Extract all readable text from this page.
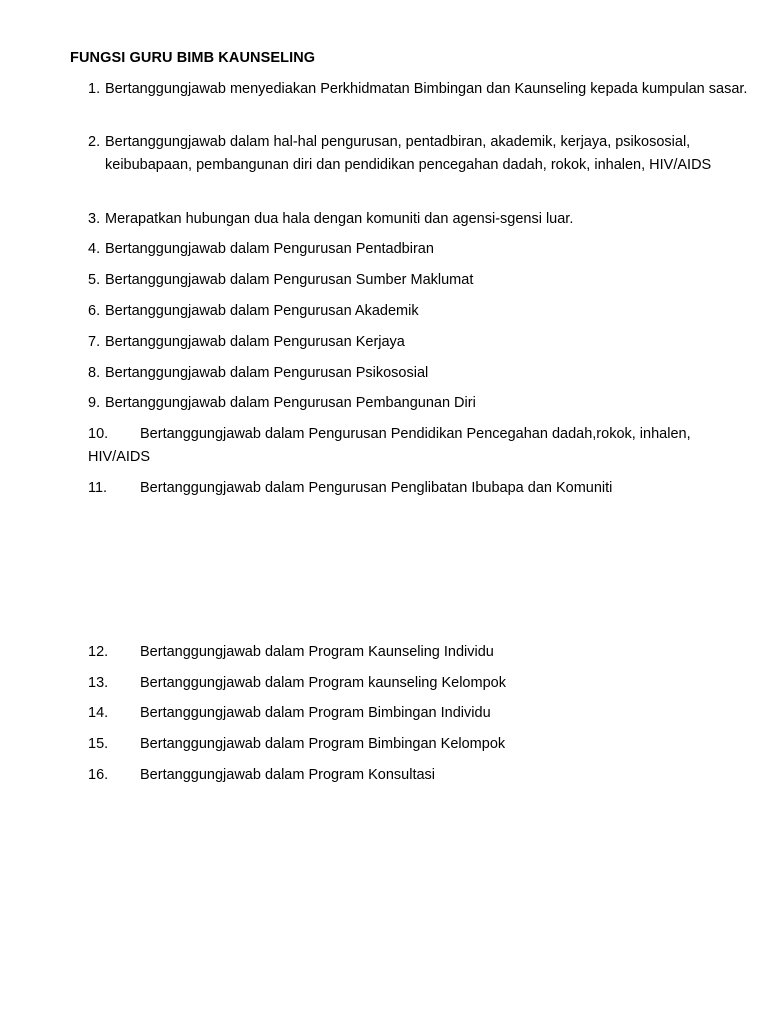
FUNGSI GURU BIMB KAUNSELING
1. Bertanggungjawab menyediakan Perkhidmatan Bimbingan dan Kaunseling kepada kumpulan sasar.
2. Bertanggungjawab dalam hal-hal pengurusan, pentadbiran, akademik, kerjaya, psikososial, keibubapaan, pembangunan diri dan pendidikan pencegahan dadah, rokok, inhalen, HIV/AIDS
3. Merapatkan hubungan dua hala dengan komuniti dan agensi-sgensi luar.
4. Bertanggungjawab dalam Pengurusan Pentadbiran
5. Bertanggungjawab dalam Pengurusan Sumber Maklumat
6. Bertanggungjawab dalam Pengurusan Akademik
7. Bertanggungjawab dalam Pengurusan Kerjaya
8. Bertanggungjawab dalam Pengurusan Psikososial
9. Bertanggungjawab dalam Pengurusan Pembangunan Diri
10.	Bertanggungjawab dalam Pengurusan Pendidikan Pencegahan dadah,rokok, inhalen, HIV/AIDS
11.	Bertanggungjawab dalam Pengurusan Penglibatan Ibubapa dan Komuniti
12.	Bertanggungjawab dalam Program Kaunseling Individu
13.	Bertanggungjawab dalam Program kaunseling Kelompok
14.	Bertanggungjawab dalam Program Bimbingan Individu
15.	Bertanggungjawab dalam Program Bimbingan Kelompok
16.	Bertanggungjawab dalam Program Konsultasi
